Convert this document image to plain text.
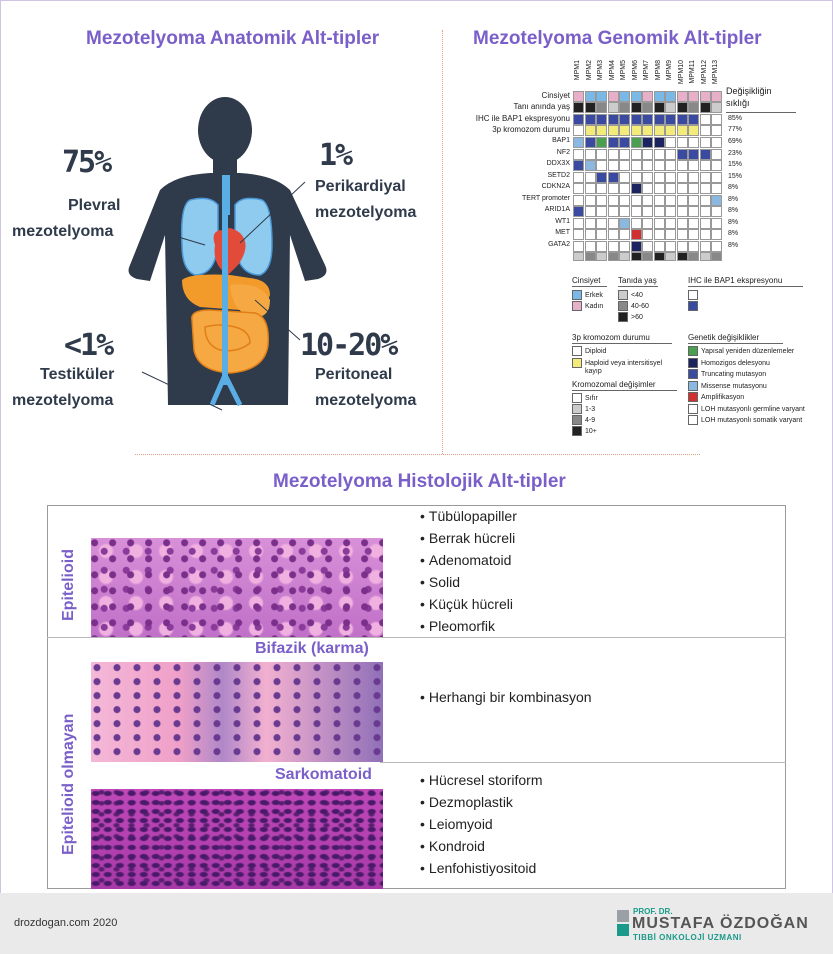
Mezotelyoma Anatomik Alt-tipler	Mezotelyoma Genomik Alt-tipler
75%
Plevral
mezotelyoma
1%
Perikardiyal
mezotelyoma
<1%
Testiküler
mezotelyoma
10-20%
Peritoneal
mezotelyoma
MPM1 MPM2 MPM3 MPM4 MPM5 MPM6 MPM7 MPM8 MPM9 MPM10 MPM11 MPM12 MPM13
Cinsiyet
Tanı anında yaş
IHC ile BAP1 ekspresyonu
3p kromozom durumu
BAP1
NF2
DDX3X
SETD2
CDKN2A
TERT promoter
ARID1A
WT1
MET
GATA2
Değişikliğin
sıklığı
85%
77%
69%
23%
15%
15%
8%
8%
8%
8%
8%
8%
Cinsiyet
Erkek
Kadın
Tanıda yaş
<40
40-60
>60
IHC ile BAP1 ekspresyonu
3p kromozom durumu
Diploid
Haploid veya intersitisyel kayıp
Kromozomal değişimler
Sıfır
1-3
4-9
10+
Genetik değişiklikler
Yapısal yeniden düzenlemeler
Homozigos delesyonu
Truncating mutasyon
Missense mutasyonu
Amplifikasyon
LOH mutasyonlı germline varyant
LOH mutasyonlı somatik varyant
Mezotelyoma Histolojik Alt-tipler
Epitelioid
Epitelioid olmayan
Bifazik (karma)
Sarkomatoid
• Tübülopapiller
• Berrak hücreli
• Adenomatoid
• Solid
• Küçük hücreli
• Pleomorfik
• Herhangi bir kombinasyon
• Hücresel storiform
• Dezmoplastik
• Leiomyoid
• Kondroid
• Lenfohistiyositoid
drozdogan.com 2020
PROF. DR.
MUSTAFA ÖZDOĞAN
TIBBİ ONKOLOJİ UZMANI
